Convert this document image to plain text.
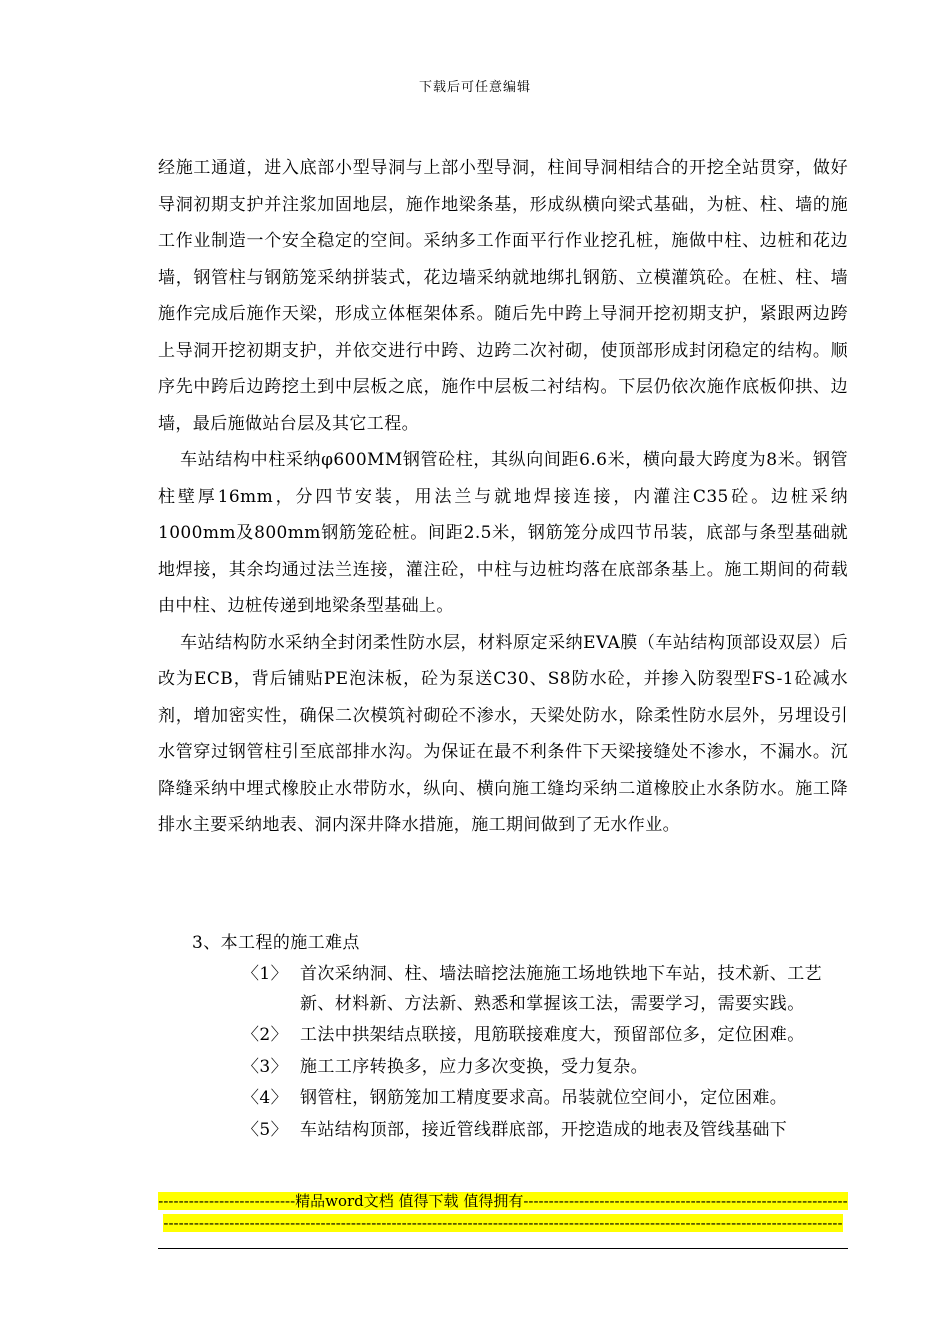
下载后可任意编辑

经施工通道，进入底部小型导洞与上部小型导洞，柱间导洞相结合的开挖全站贯穿，做好导洞初期支护并注浆加固地层，施作地梁条基，形成纵横向梁式基础，为桩、柱、墙的施工作业制造一个安全稳定的空间。采纳多工作面平行作业挖孔桩，施做中柱、边桩和花边墙，钢管柱与钢筋笼采纳拼装式，花边墙采纳就地绑扎钢筋、立模灌筑砼。在桩、柱、墙施作完成后施作天梁，形成立体框架体系。随后先中跨上导洞开挖初期支护，紧跟两边跨上导洞开挖初期支护，并依交进行中跨、边跨二次衬砌，使顶部形成封闭稳定的结构。顺序先中跨后边跨挖土到中层板之底，施作中层板二衬结构。下层仍依次施作底板仰拱、边墙，最后施做站台层及其它工程。

车站结构中柱采纳φ600MM钢管砼柱，其纵向间距6.6米，横向最大跨度为8米。钢管柱壁厚16mm，分四节安装，用法兰与就地焊接连接，内灌注C35砼。边桩采纳1000mm及800mm钢筋笼砼桩。间距2.5米，钢筋笼分成四节吊装，底部与条型基础就地焊接，其余均通过法兰连接，灌注砼，中柱与边桩均落在底部条基上。施工期间的荷载由中柱、边桩传递到地梁条型基础上。

车站结构防水采纳全封闭柔性防水层，材料原定采纳EVA膜（车站结构顶部设双层）后改为ECB，背后铺贴PE泡沫板，砼为泵送C30、S8防水砼，并掺入防裂型FS-1砼减水剂，增加密实性，确保二次模筑衬砌砼不渗水，天梁处防水，除柔性防水层外，另埋设引水管穿过钢管柱引至底部排水沟。为保证在最不利条件下天梁接缝处不渗水，不漏水。沉降缝采纳中埋式橡胶止水带防水，纵向、横向施工缝均采纳二道橡胶止水条防水。施工降排水主要采纳地表、洞内深井降水措施，施工期间做到了无水作业。

3、本工程的施工难点
〈1〉 首次采纳洞、柱、墙法暗挖法施施工场地铁地下车站，技术新、工艺新、材料新、方法新、熟悉和掌握该工法，需要学习，需要实践。
〈2〉 工法中拱架结点联接，甩筋联接难度大，预留部位多，定位困难。
〈3〉 施工工序转换多，应力多次变换，受力复杂。
〈4〉 钢管柱，钢筋笼加工精度要求高。吊装就位空间小，定位困难。
〈5〉 车站结构顶部，接近管线群底部，开挖造成的地表及管线基础下
---------------------------精品word文档 值得下载 值得拥有------------------------------------------------------------------------------------------------------------------------------------------------------------------------------------------------------
